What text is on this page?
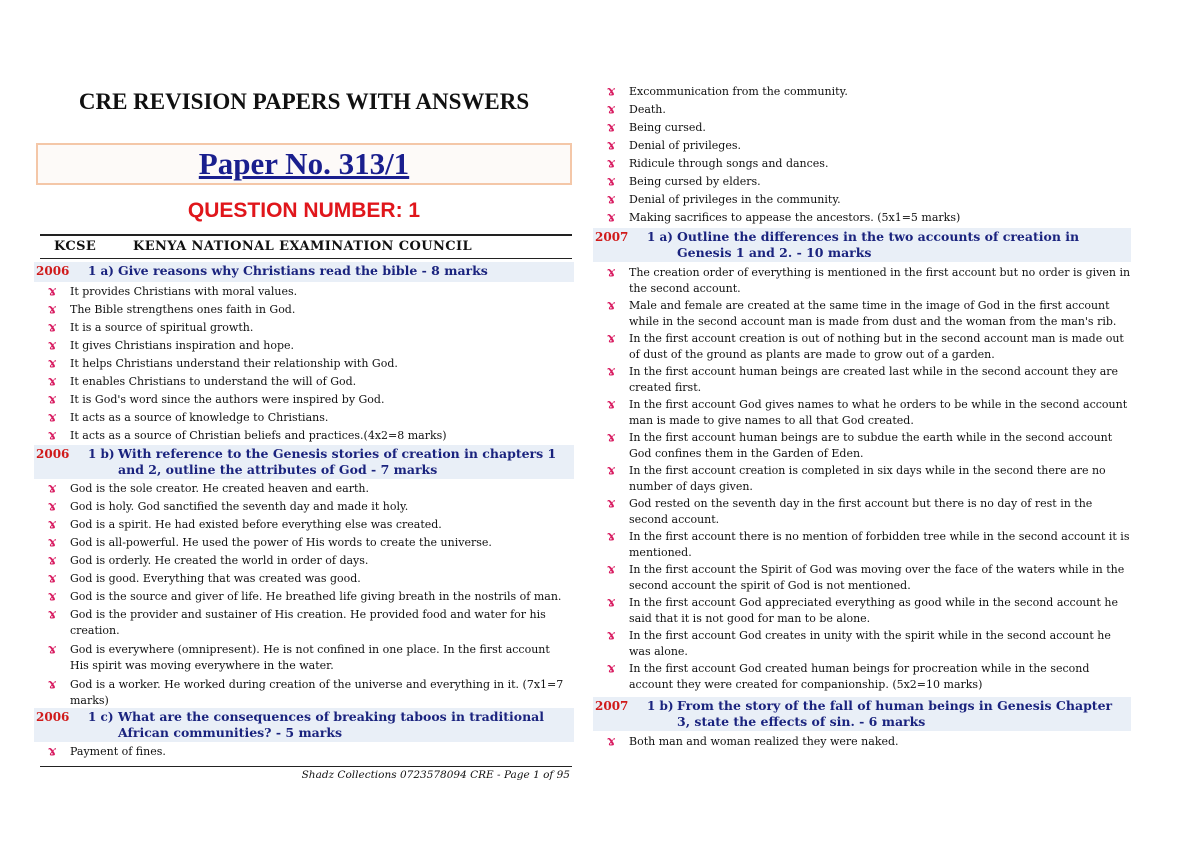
CRE REVISION PAPERS WITH ANSWERS
Paper No. 313/1
QUESTION NUMBER: 1
KCSE	KENYA NATIONAL EXAMINATION COUNCIL
Shadz Collections 0723578094 CRE - Page 1 of 95
2006 1 a) Give reasons why Christians read the bible - 8 marks
ɤ	It provides Christians with moral values.
ɤ	The Bible strengthens ones faith in God.
ɤ	It is a source of spiritual growth.
ɤ	It gives Christians inspiration and hope.
ɤ	It helps Christians understand their relationship with God.
ɤ	It enables Christians to understand the will of God.
ɤ	It is God's word since the authors were inspired by God.
ɤ	It acts as a source of knowledge to Christians.
ɤ	It acts as a source of Christian beliefs and practices.(4x2=8 marks)
2006 1 b) With reference to the Genesis stories of creation in chapters 1 and 2, outline the attributes of God - 7 marks
ɤ	God is the sole creator. He created heaven and earth.
ɤ	God is holy. God sanctified the seventh day and made it holy.
ɤ	God is a spirit. He had existed before everything else was created.
ɤ	God is all-powerful. He used the power of His words to create the universe.
ɤ	God is orderly. He created the world in order of days.
ɤ	God is good. Everything that was created was good.
ɤ	God is the source and giver of life. He breathed life giving breath in the nostrils of man.
ɤ	God is the provider and sustainer of His creation. He provided food and water for his creation.
ɤ	God is everywhere (omnipresent). He is not confined in one place. In the first account His spirit was moving everywhere in the water.
ɤ	God is a worker. He worked during creation of the universe and everything in it. (7x1=7 marks)
2006 1 c) What are the consequences of breaking taboos in traditional African communities? - 5 marks
ɤ	Payment of fines.
ɤ	Excommunication from the community.
ɤ	Death.
ɤ	Being cursed.
ɤ	Denial of privileges.
ɤ	Ridicule through songs and dances.
ɤ	Being cursed by elders.
ɤ	Denial of privileges in the community.
ɤ	Making sacrifices to appease the ancestors. (5x1=5 marks)
2007 1 a) Outline the differences in the two accounts of creation in Genesis 1 and 2. - 10 marks
ɤ	The creation order of everything is mentioned in the first account but no order is given in the second account.
ɤ	Male and female are created at the same time in the image of God in the first account while in the second account man is made from dust and the woman from the man's rib.
ɤ	In the first account creation is out of nothing but in the second account man is made out of dust of the ground as plants are made to grow out of a garden.
ɤ	In the first account human beings are created last while in the second account they are created first.
ɤ	In the first account God gives names to what he orders to be while in the second account man is made to give names to all that God created.
ɤ	In the first account human beings are to subdue the earth while in the second account God confines them in the Garden of Eden.
ɤ	In the first account creation is completed in six days while in the second there are no number of days given.
ɤ	God rested on the seventh day in the first account but there is no day of rest in the second account.
ɤ	In the first account there is no mention of forbidden tree while in the second account it is mentioned.
ɤ	In the first account the Spirit of God was moving over the face of the waters while in the second account the spirit of God is not mentioned.
ɤ	In the first account God appreciated everything as good while in the second account he said that it is not good for man to be alone.
ɤ	In the first account God creates in unity with the spirit while in the second account he was alone.
ɤ	In the first account God created human beings for procreation while in the second account they were created for companionship. (5x2=10 marks)
2007 1 b) From the story of the fall of human beings in Genesis Chapter 3, state the effects of sin. - 6 marks
ɤ	Both man and woman realized they were naked.
